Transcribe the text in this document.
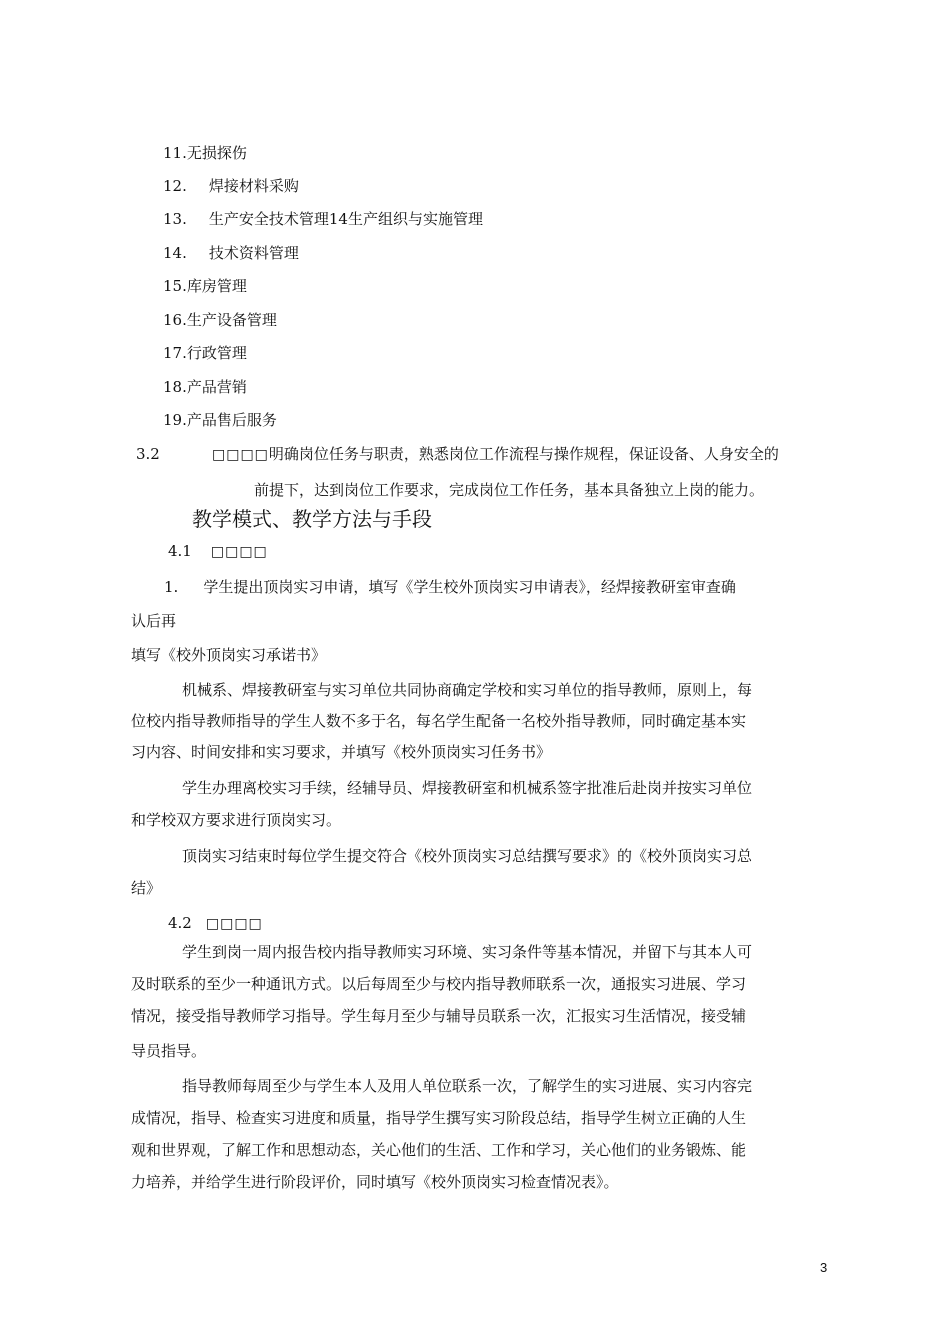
11.无损探伤
12. 焊接材料采购
13. 生产安全技术管理14生产组织与实施管理
14. 技术资料管理
15.库房管理
16.生产设备管理
17.行政管理
18.产品营销
19.产品售后服务
3.2	□□□□明确岗位任务与职责，熟悉岗位工作流程与操作规程，保证设备、人身安全的
前提下，达到岗位工作要求，完成岗位工作任务，基本具备独立上岗的能力。
教学模式、教学方法与手段
4.1 □□□□
1. 学生提出顶岗实习申请，填写《学生校外顶岗实习申请表》，经焊接教研室审查确
认后再
填写《校外顶岗实习承诺书》
机械系、焊接教研室与实习单位共同协商确定学校和实习单位的指导教师，原则上，每
位校内指导教师指导的学生人数不多于名，每名学生配备一名校外指导教师，同时确定基本实
习内容、时间安排和实习要求，并填写《校外顶岗实习任务书》
学生办理离校实习手续，经辅导员、焊接教研室和机械系签字批准后赴岗并按实习单位
和学校双方要求进行顶岗实习。
顶岗实习结束时每位学生提交符合《校外顶岗实习总结撰写要求》的《校外顶岗实习总
结》
4.2 □□□□
学生到岗一周内报告校内指导教师实习环境、实习条件等基本情况，并留下与其本人可
及时联系的至少一种通讯方式。以后每周至少与校内指导教师联系一次，通报实习进展、学习
情况，接受指导教师学习指导。学生每月至少与辅导员联系一次，汇报实习生活情况，接受辅
导员指导。
指导教师每周至少与学生本人及用人单位联系一次，了解学生的实习进展、实习内容完
成情况，指导、检查实习进度和质量，指导学生撰写实习阶段总结，指导学生树立正确的人生
观和世界观，了解工作和思想动态，关心他们的生活、工作和学习，关心他们的业务锻炼、能
力培养，并给学生进行阶段评价，同时填写《校外顶岗实习检查情况表》。
3
